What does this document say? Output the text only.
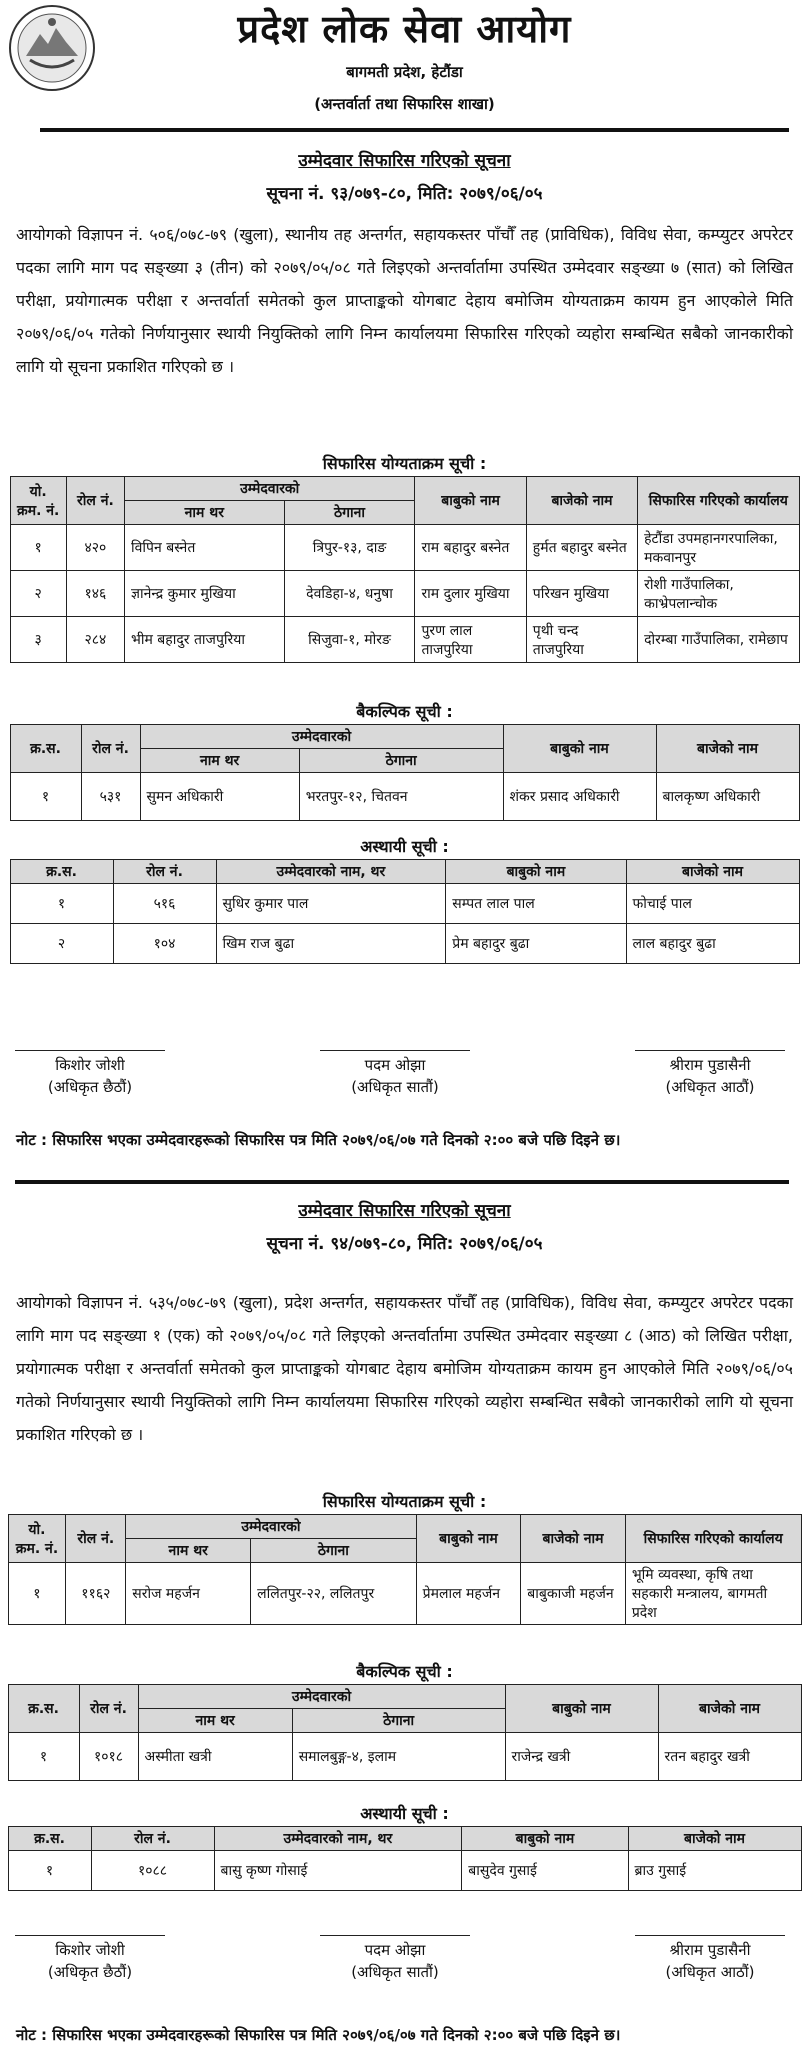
प्रदेश लोक सेवा आयोग
बागमती प्रदेश, हेटौंडा
(अन्तर्वार्ता तथा सिफारिस शाखा)
उम्मेदवार सिफारिस गरिएको सूचना
सूचना नं. ९३/०७९-८०, मिति: २०७९/०६/०५

आयोगको विज्ञापन नं. ५०६/०७८-७९ (खुला), स्थानीय तह अन्तर्गत, सहायकस्तर पाँचौँ तह (प्राविधिक), विविध सेवा, कम्प्युटर अपरेटर पदका लागि माग पद सङ्ख्या ३ (तीन) को २०७९/०५/०८ गते लिइएको अन्तर्वार्तामा उपस्थित उम्मेदवार सङ्ख्या ७ (सात) को लिखित परीक्षा, प्रयोगात्मक परीक्षा र अन्तर्वार्ता समेतको कुल प्राप्ताङ्कको योगबाट देहाय बमोजिम योग्यताक्रम कायम हुन आएकोले मिति २०७९/०६/०५ गतेको निर्णयानुसार स्थायी नियुक्तिको लागि निम्न कार्यालयमा सिफारिस गरिएको व्यहोरा सम्बन्धित सबैको जानकारीको लागि यो सूचना प्रकाशित गरिएको छ ।

सिफारिस योग्यताक्रम सूची :
यो. क्रम. नं.	रोल नं.	उम्मेदवारको		बाबुको नाम	बाजेको नाम	सिफारिस गरिएको कार्यालय
		नाम थर	ठेगाना			
१	४२०	विपिन बस्नेत	त्रिपुर-१३, दाङ	राम बहादुर बस्नेत	हुर्मत बहादुर बस्नेत	हेटौंडा उपमहानगरपालिका, मकवानपुर
२	१४६	ज्ञानेन्द्र कुमार मुखिया	देवडिहा-४, धनुषा	राम दुलार मुखिया	परिखन मुखिया	रोशी गाउँपालिका, काभ्रेपलान्चोक
३	२८४	भीम बहादुर ताजपुरिया	सिजुवा-१, मोरङ	पुरण लाल ताजपुरिया	पृथी चन्द ताजपुरिया	दोरम्बा गाउँपालिका, रामेछाप
बैकल्पिक सूची :
क्र.स.	रोल नं.	उम्मेदवारको		बाबुको नाम	बाजेको नाम
		नाम थर	ठेगाना		
१	५३१	सुमन अधिकारी	भरतपुर-१२, चितवन	शंकर प्रसाद अधिकारी	बालकृष्ण अधिकारी
अस्थायी सूची :
क्र.स.	रोल नं.	उम्मेदवारको नाम, थर	बाबुको नाम	बाजेको नाम
१	५१६	सुधिर कुमार पाल	सम्पत लाल पाल	फोचाई पाल
२	१०४	खिम राज बुढा	प्रेम बहादुर बुढा	लाल बहादुर बुढा
किशोर जोशी
(अधिकृत छैठौं)
पदम ओझा
(अधिकृत सातौं)
श्रीराम पुडासैनी
(अधिकृत आठौं)
नोट : सिफारिस भएका उम्मेदवारहरूको सिफारिस पत्र मिति २०७९/०६/०७ गते दिनको २:०० बजे पछि दिइने छ।
उम्मेदवार सिफारिस गरिएको सूचना
सूचना नं. ९४/०७९-८०, मिति: २०७९/०६/०५

आयोगको विज्ञापन नं. ५३५/०७८-७९ (खुला), प्रदेश अन्तर्गत, सहायकस्तर पाँचौँ तह (प्राविधिक), विविध सेवा, कम्प्युटर अपरेटर पदका लागि माग पद सङ्ख्या १ (एक) को २०७९/०५/०८ गते लिइएको अन्तर्वार्तामा उपस्थित उम्मेदवार सङ्ख्या ८ (आठ) को लिखित परीक्षा, प्रयोगात्मक परीक्षा र अन्तर्वार्ता समेतको कुल प्राप्ताङ्कको योगबाट देहाय बमोजिम योग्यताक्रम कायम हुन आएकोले मिति २०७९/०६/०५ गतेको निर्णयानुसार स्थायी नियुक्तिको लागि निम्न कार्यालयमा सिफारिस गरिएको व्यहोरा सम्बन्धित सबैको जानकारीको लागि यो सूचना प्रकाशित गरिएको छ ।

सिफारिस योग्यताक्रम सूची :
यो. क्रम. नं.	रोल नं.	उम्मेदवारको		बाबुको नाम	बाजेको नाम	सिफारिस गरिएको कार्यालय
		नाम थर	ठेगाना			
१	११६२	सरोज महर्जन	ललितपुर-२२, ललितपुर	प्रेमलाल महर्जन	बाबुकाजी महर्जन	भूमि व्यवस्था, कृषि तथा सहकारी मन्त्रालय, बागमती प्रदेश
बैकल्पिक सूची :
क्र.स.	रोल नं.	उम्मेदवारको		बाबुको नाम	बाजेको नाम
		नाम थर	ठेगाना		
१	१०१८	अस्मीता खत्री	समालबुङ्ग-४, इलाम	राजेन्द्र खत्री	रतन बहादुर खत्री
अस्थायी सूची :
क्र.स.	रोल नं.	उम्मेदवारको नाम, थर	बाबुको नाम	बाजेको नाम
१	१०८८	बासु कृष्ण गोसाई	बासुदेव गुसाई	ब्राउ गुसाई
किशोर जोशी
(अधिकृत छैठौं)
पदम ओझा
(अधिकृत सातौं)
श्रीराम पुडासैनी
(अधिकृत आठौं)
नोट : सिफारिस भएका उम्मेदवारहरूको सिफारिस पत्र मिति २०७९/०६/०७ गते दिनको २:०० बजे पछि दिइने छ।
